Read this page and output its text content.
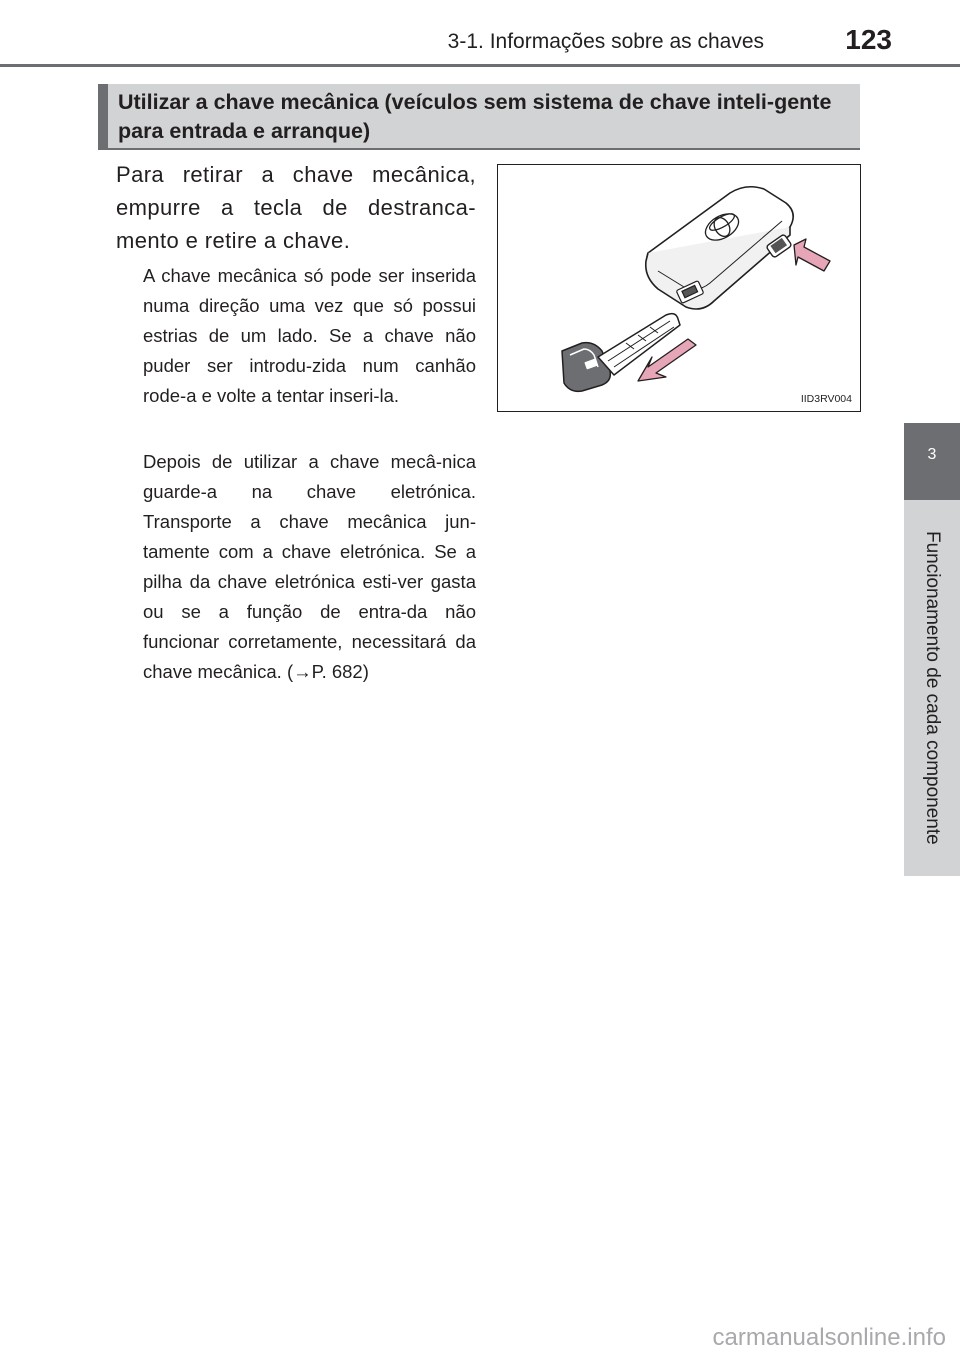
3-1. Informações sobre as chaves	123
3
Funcionamento de cada componente
Utilizar a chave mecânica (veículos sem sistema de chave inteli-gente para entrada e arranque)
Para retirar a chave mecânica, empurre a tecla de destranca-mento e retire a chave.
A chave mecânica só pode ser inserida numa direção uma vez que só possui estrias de um lado. Se a chave não puder ser introdu-zida num canhão rode-a e volte a tentar inseri-la.
Depois de utilizar a chave mecâ-nica guarde-a na chave eletrónica. Transporte a chave mecânica jun-tamente com a chave eletrónica. Se a pilha da chave eletrónica esti-ver gasta ou se a função de entra-da não funcionar corretamente, necessitará da chave mecânica. (→P. 682)
IID3RV004
carmanualsonline.info
